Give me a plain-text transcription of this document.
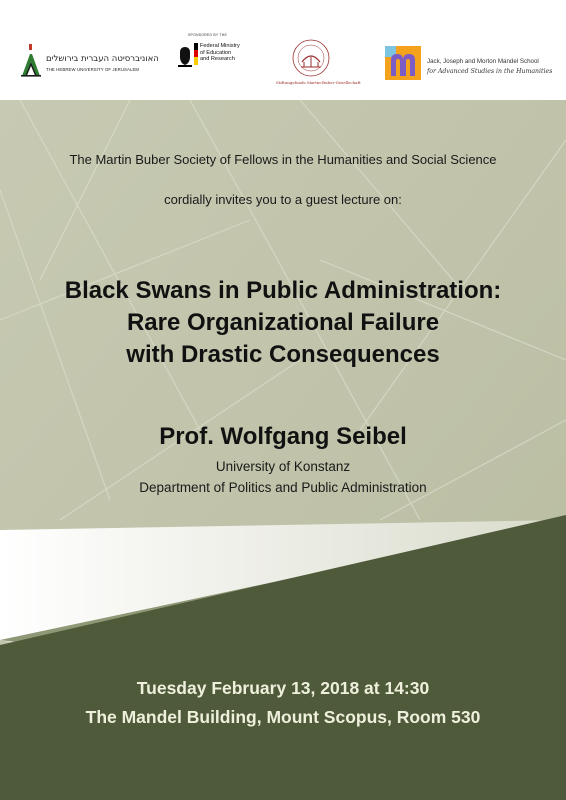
האוניברסיטה העברית בירושלים
THE HEBREW UNIVERSITY OF JERUSALEM
SPONSORED BY THE
Federal Ministry
of Education
and Research
Stiftungsfonds Martin-Buber-Gesellschaft
Jack, Joseph and Morton Mandel School
for Advanced Studies in the Humanities
The Martin Buber Society of Fellows in the Humanities and Social Science
cordially invites you to a guest lecture on:
Black Swans in Public Administration:
Rare Organizational Failure
with Drastic Consequences
Prof. Wolfgang Seibel
University of Konstanz
Department of Politics and Public Administration
Tuesday February 13, 2018 at 14:30
The Mandel Building, Mount Scopus, Room 530
